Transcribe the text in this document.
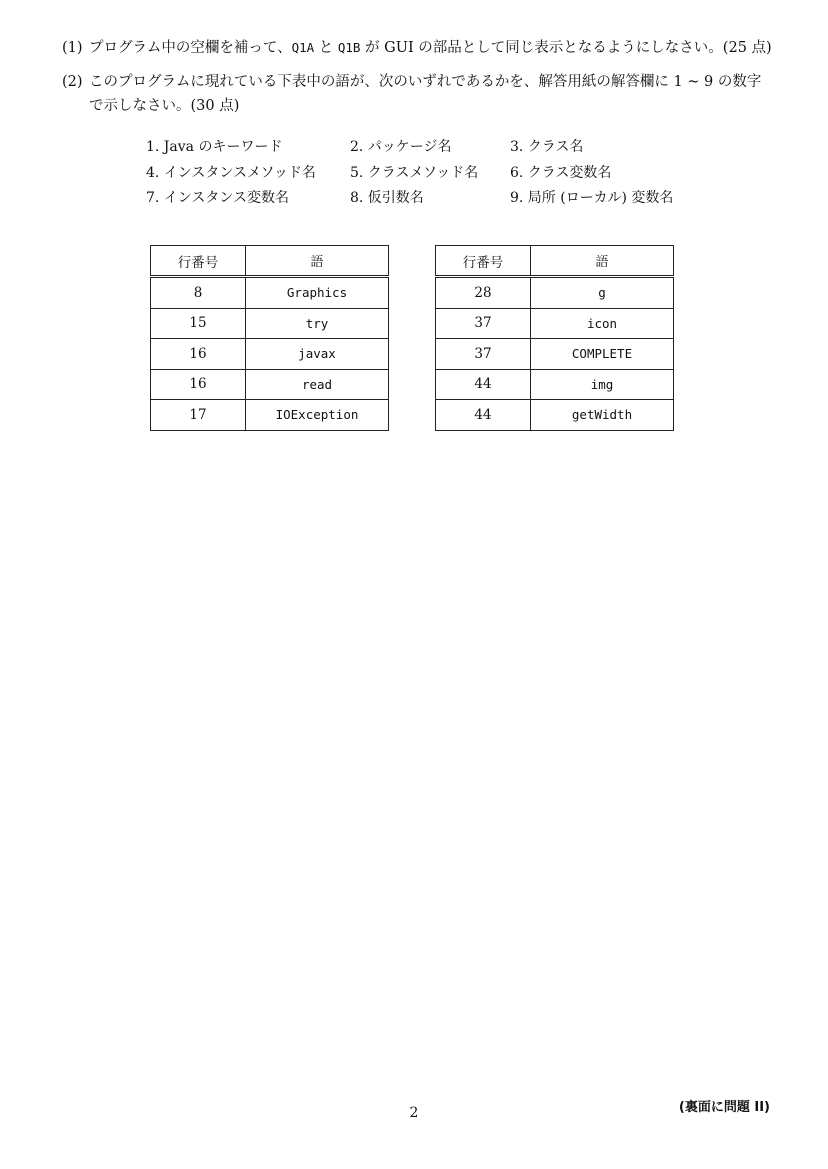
(1) プログラム中の空欄を補って、Q1A と Q1B が GUI の部品として同じ表示となるようにしなさい。(25 点)
(2) このプログラムに現れている下表中の語が、次のいずれであるかを、解答用紙の解答欄に 1 ~ 9 の数字で示しなさい。(30 点)
1. Java のキーワード	2. パッケージ名	3. クラス名
4. インスタンスメソッド名 5. クラスメソッド名 6. クラス変数名
7. インスタンス変数名	8. 仮引数名	9. 局所 (ローカル) 変数名
行番号	語
8	Graphics
15	try
16	javax
16	read
17	IOException
行番号	語
28	g
37	icon
37	COMPLETE
44	img
44	getWidth
(裏面に問題 II)
2
